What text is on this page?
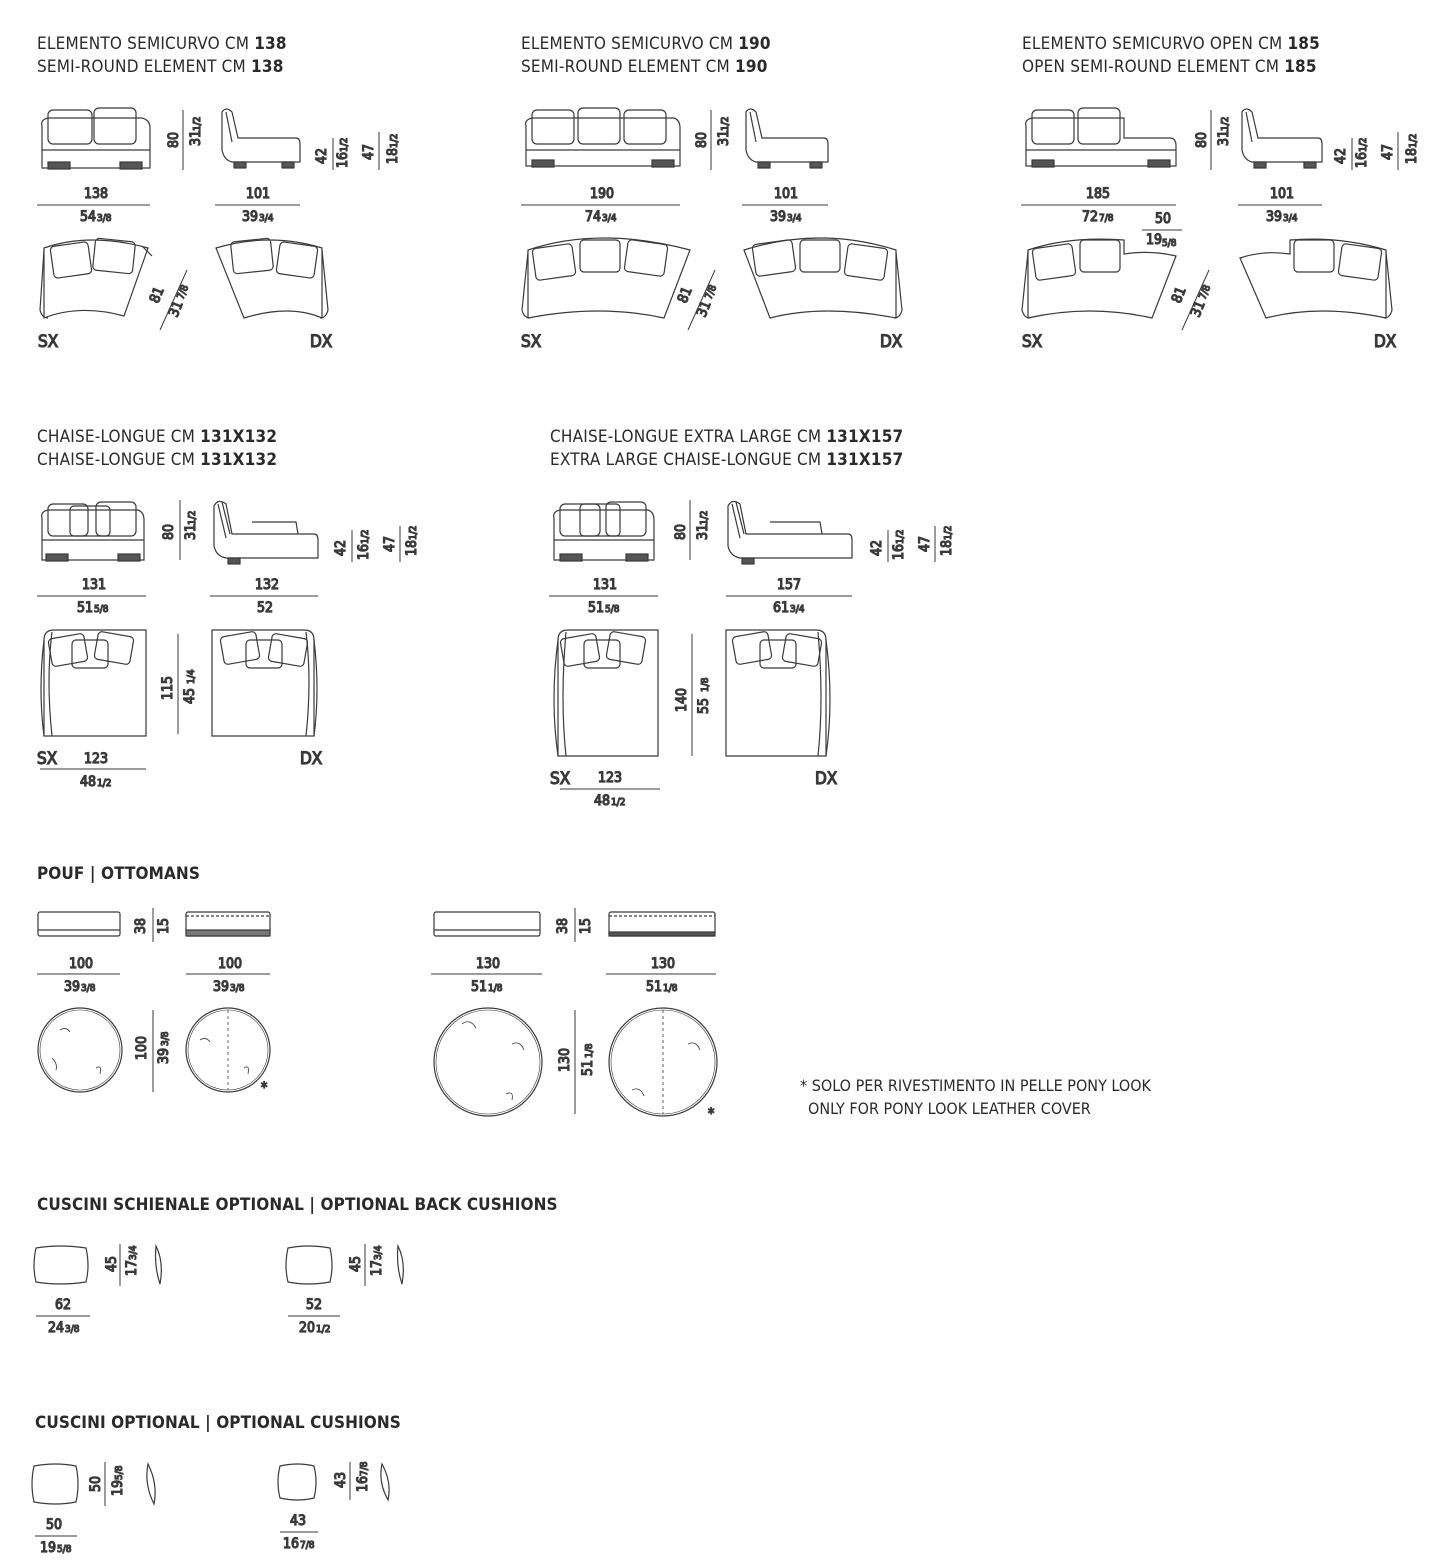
ELEMENTO SEMICURVO CM 138
SEMI-ROUND ELEMENT CM 138
ELEMENTO SEMICURVO CM 190
SEMI-ROUND ELEMENT CM 190
ELEMENTO SEMICURVO OPEN CM 185
OPEN SEMI-ROUND ELEMENT CM 185
CHAISE-LONGUE CM 131X132
CHAISE-LONGUE CM 131X132
CHAISE-LONGUE EXTRA LARGE CM 131X157
EXTRA LARGE CHAISE-LONGUE CM 131X157
POUF | OTTOMANS
CUSCINI SCHIENALE OPTIONAL | OPTIONAL BACK CUSHIONS
CUSCINI OPTIONAL | OPTIONAL CUSHIONS
* SOLO PER RIVESTIMENTO IN PELLE PONY LOOK
ONLY FOR PONY LOOK LEATHER COVER
138
54 3/8
101
39 3/4
80 31
1/2
42 16
1/2 47 18
1/2
81
31
7/8
SX	DX
190
74 3/4
101
39 3/4
80 31
1/2
81
31
7/8
SX	DX
185
72 7/8	50
19 5/8
101
39 3/4
80 31
1/2
42 16
1/2 47 18
1/2
81
31
7/8
SX	DX
131
51 5/8
132
52
80 31
1/2
42 16
1/2 47 18
1/2
115 45
1/4
SX 123
48 1/2
DX
131
51 5/8
157
61 3/4
80 31
1/2
42 16
1/2 47 18
1/2
140 55
1/8
SX 123
48 1/2
DX
38 15
100
39 3/8
100
39 3/8
100 39
3/8
*
38 15
130
51 1/8
130
51 1/8
130 51
1/8
*
45 17
3/4
62
24 3/8
45 17
3/4
52
20 1/2
50 19
5/8
50
19 5/8
43 16
7/8
43
16 7/8
